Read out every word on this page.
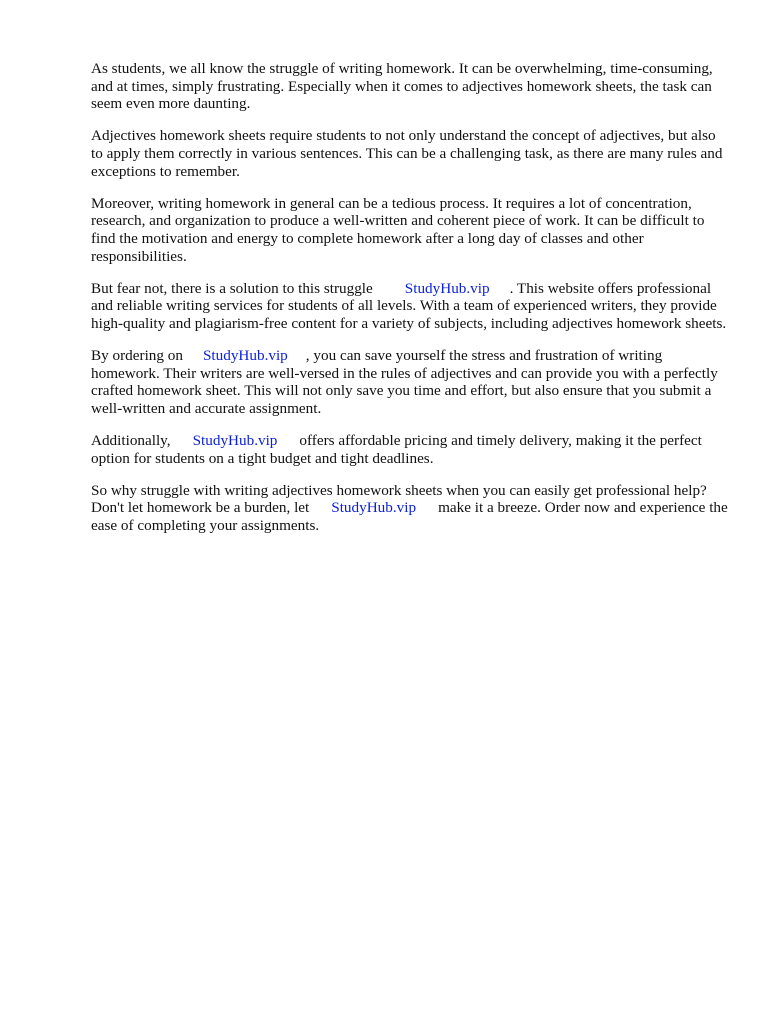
As students, we all know the struggle of writing homework. It can be overwhelming, time-consuming, and at times, simply frustrating. Especially when it comes to adjectives homework sheets, the task can seem even more daunting.

Adjectives homework sheets require students to not only understand the concept of adjectives, but also to apply them correctly in various sentences. This can be a challenging task, as there are many rules and exceptions to remember.

Moreover, writing homework in general can be a tedious process. It requires a lot of concentration, research, and organization to produce a well-written and coherent piece of work. It can be difficult to find the motivation and energy to complete homework after a long day of classes and other responsibilities.

But fear not, there is a solution to this struggle StudyHub.vip . This website offers professional and reliable writing services for students of all levels. With a team of experienced writers, they provide high-quality and plagiarism-free content for a variety of subjects, including adjectives homework sheets.

By ordering on StudyHub.vip , you can save yourself the stress and frustration of writing homework. Their writers are well-versed in the rules of adjectives and can provide you with a perfectly crafted homework sheet. This will not only save you time and effort, but also ensure that you submit a well-written and accurate assignment.

Additionally, StudyHub.vip offers affordable pricing and timely delivery, making it the perfect option for students on a tight budget and tight deadlines.

So why struggle with writing adjectives homework sheets when you can easily get professional help? Don't let homework be a burden, let StudyHub.vip make it a breeze. Order now and experience the ease of completing your assignments.
